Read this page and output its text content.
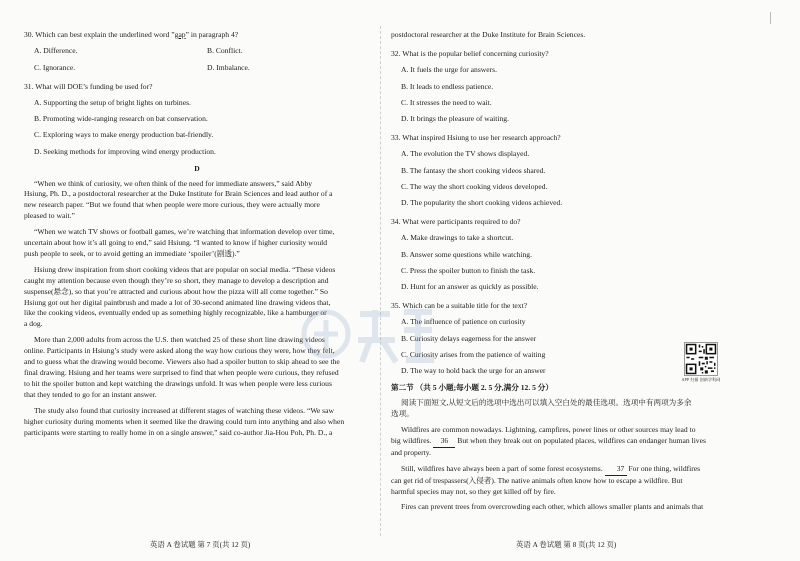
30. Which can best explain the underlined word ”gap” in paragraph 4?
A. Difference.	B. Conflict.
C. Ignorance.	D. Imbalance.
31. What will DOE’s funding be used for?
A. Supporting the setup of bright lights on turbines.
B. Promoting wide-ranging research on bat conservation.
C. Exploring ways to make energy production bat-friendly.
D. Seeking methods for improving wind energy production.
D
“When we think of curiosity, we often think of the need for immediate answers,” said Abby
Hsiung, Ph. D., a postdoctoral researcher at the Duke Institute for Brain Sciences and lead author of a
new research paper. “But we found that when people were more curious, they were actually more
pleased to wait.”
“When we watch TV shows or football games, we’re watching that information develop over time,
uncertain about how it’s all going to end,” said Hsiung. “I wanted to know if higher curiosity would
push people to seek, or to avoid getting an immediate ‘spoiler’(剧透).”
Hsiung drew inspiration from short cooking videos that are popular on social media. “These videos
caught my attention because even though they’re so short, they manage to develop a description and
suspense(悬念), so that you’re attracted and curious about how the pizza will all come together.” So
Hsiung got out her digital paintbrush and made a lot of 30-second animated line drawing videos that,
like the cooking videos, eventually ended up as something highly recognizable, like a hamburger or
a dog.
More than 2,000 adults from across the U.S. then watched 25 of these short line drawing videos
online. Participants in Hsiung’s study were asked along the way how curious they were, how they felt,
and to guess what the drawing would become. Viewers also had a spoiler button to skip ahead to see the
final drawing. Hsiung and her teams were surprised to find that when people were curious, they refused
to hit the spoiler button and kept watching the drawings unfold. It was when people were less curious
that they tended to go for an instant answer.
The study also found that curiosity increased at different stages of watching these videos. “We saw
higher curiosity during moments when it seemed like the drawing could turn into anything and also when
participants were starting to really home in on a single answer,” said co-author Jia-Hou Poh, Ph. D., a
postdoctoral researcher at the Duke Institute for Brain Sciences.
32. What is the popular belief concerning curiosity?
A. It fuels the urge for answers.
B. It leads to endless patience.
C. It stresses the need to wait.
D. It brings the pleasure of waiting.
33. What inspired Hsiung to use her research approach?
A. The evolution the TV shows displayed.
B. The fantasy the short cooking videos shared.
C. The way the short cooking videos developed.
D. The popularity the short cooking videos achieved.
34. What were participants required to do?
A. Make drawings to take a shortcut.
B. Answer some questions while watching.
C. Press the spoiler button to finish the task.
D. Hunt for an answer as quickly as possible.
35. Which can be a suitable title for the text?
A. The influence of patience on curiosity
B. Curiosity delays eagerness for the answer
C. Curiosity arises from the patience of waiting
D. The way to hold back the urge for an answer
第二节 （共 5 小题;每小题 2. 5 分,满分 12. 5 分）
阅读下面短文,从短文后的选项中选出可以填入空白处的最佳选项。选项中有两项为多余
选项。
Wildfires are common nowadays. Lightning, campfires, power lines or other sources may lead to
big wildfires. 36 But when they break out on populated places, wildfires can endanger human lives
and property.
Still, wildfires have always been a part of some forest ecosystems. 37 For one thing, wildfires
can get rid of trespassers(入侵者). The native animals often know how to escape a wildfire. But
harmful species may not, so they get killed off by fire.
Fires can prevent trees from overcrowding each other, which allows smaller plants and animals that
APP 扫描 创新学科网
英语 A 卷试题 第 7 页(共 12 页)	英语 A 卷试题 第 8 页(共 12 页)
